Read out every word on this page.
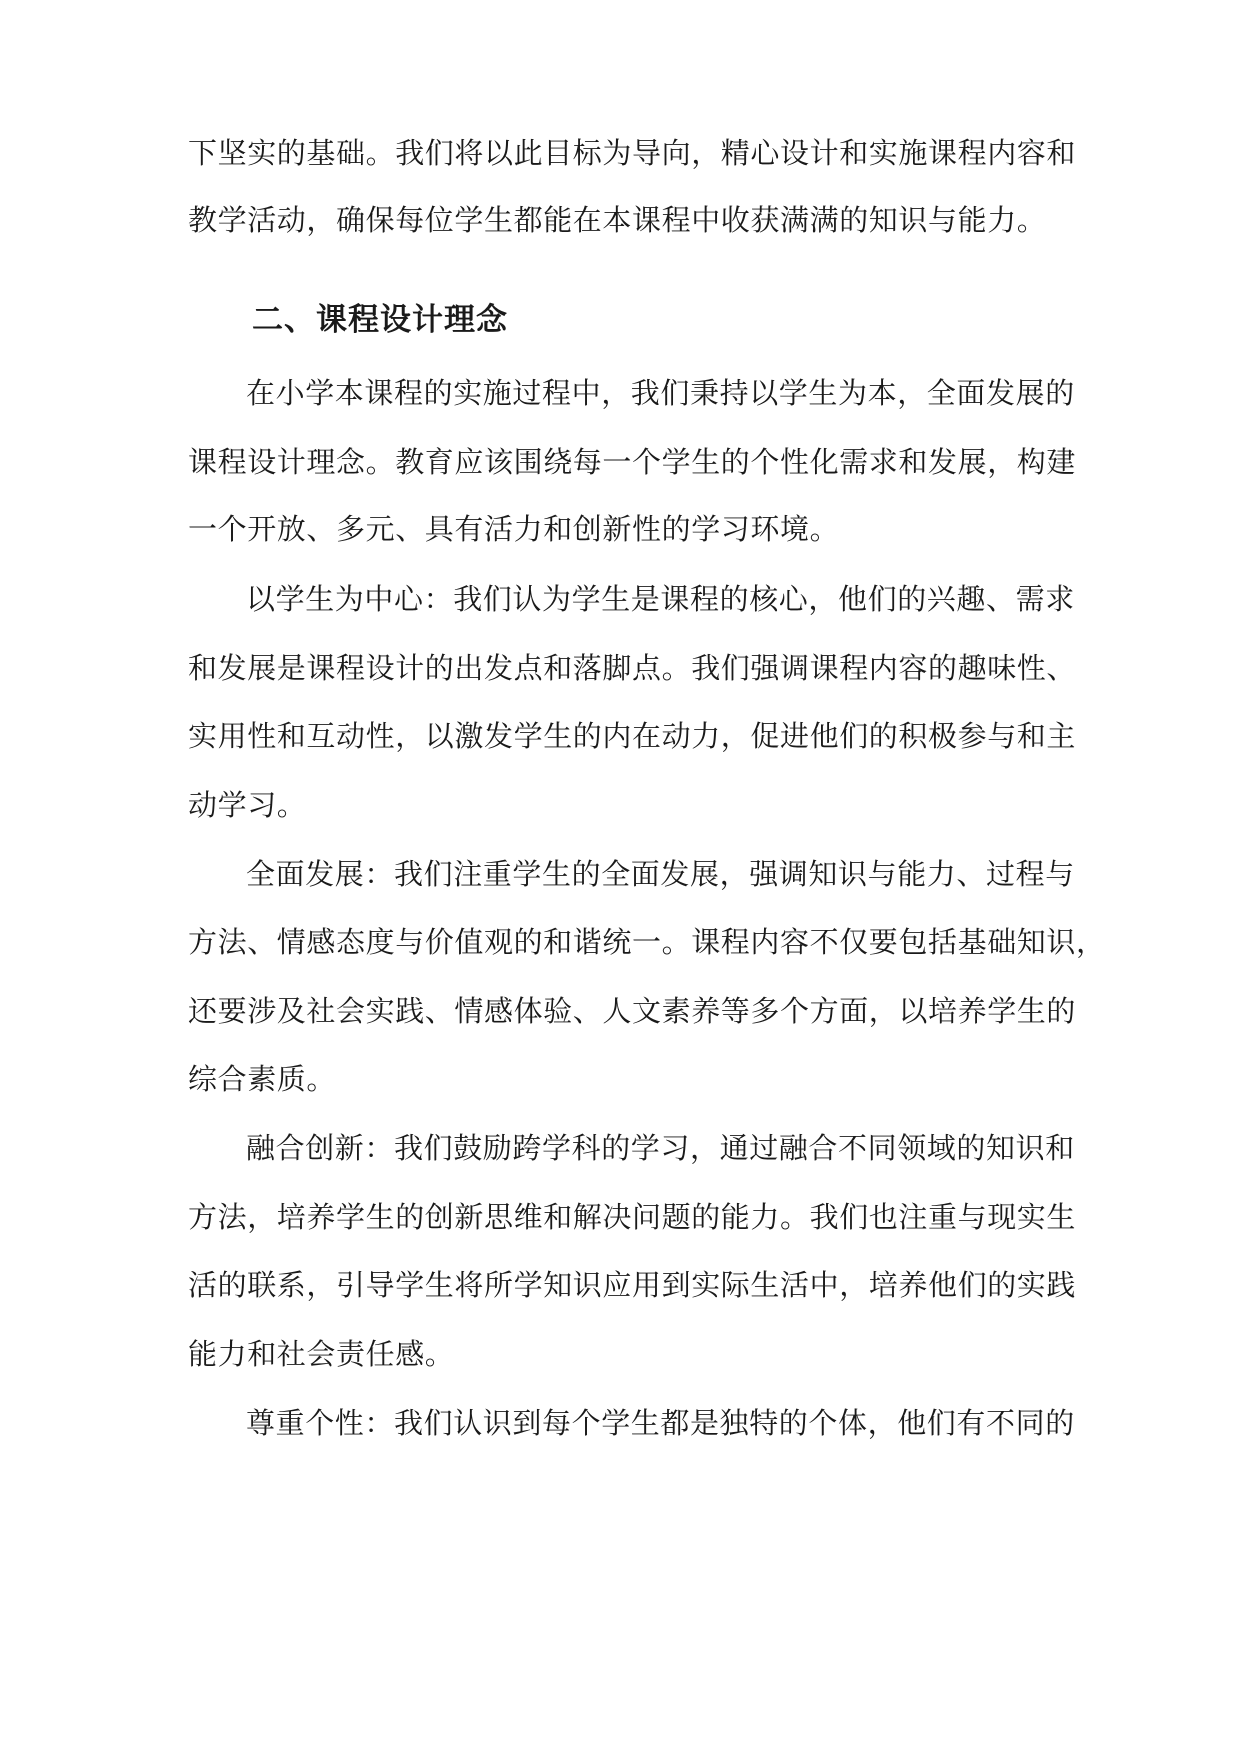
下坚实的基础。我们将以此目标为导向，精心设计和实施课程内容和
教学活动，确保每位学生都能在本课程中收获满满的知识与能力。
二、课程设计理念
在小学本课程的实施过程中，我们秉持以学生为本，全面发展的
课程设计理念。教育应该围绕每一个学生的个性化需求和发展，构建
一个开放、多元、具有活力和创新性的学习环境。
以学生为中心：我们认为学生是课程的核心，他们的兴趣、需求
和发展是课程设计的出发点和落脚点。我们强调课程内容的趣味性、
实用性和互动性，以激发学生的内在动力，促进他们的积极参与和主
动学习。
全面发展：我们注重学生的全面发展，强调知识与能力、过程与
方法、情感态度与价值观的和谐统一。课程内容不仅要包括基础知识，
还要涉及社会实践、情感体验、人文素养等多个方面，以培养学生的
综合素质。
融合创新：我们鼓励跨学科的学习，通过融合不同领域的知识和
方法，培养学生的创新思维和解决问题的能力。我们也注重与现实生
活的联系，引导学生将所学知识应用到实际生活中，培养他们的实践
能力和社会责任感。
尊重个性：我们认识到每个学生都是独特的个体，他们有不同的
